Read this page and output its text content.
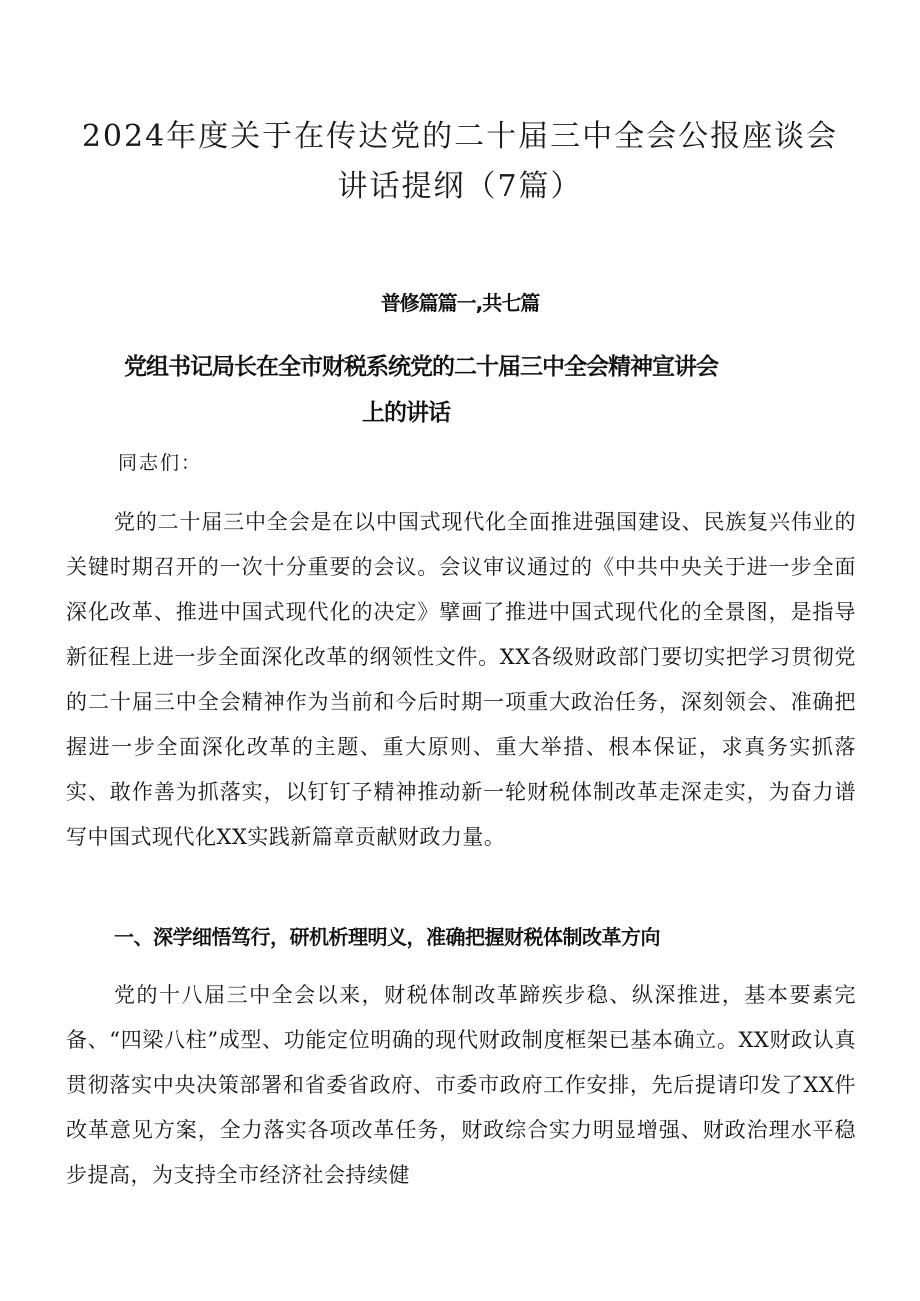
2024年度关于在传达党的二十届三中全会公报座谈会
讲话提纲（7篇）
普修篇篇一,共七篇
党组书记局长在全市财税系统党的二十届三中全会精神宣讲会
上的讲话
同志们：
党的二十届三中全会是在以中国式现代化全面推进强国建设、民族复兴伟业的关键时期召开的一次十分重要的会议。会议审议通过的《中共中央关于进一步全面深化改革、推进中国式现代化的决定》擘画了推进中国式现代化的全景图，是指导新征程上进一步全面深化改革的纲领性文件。XX各级财政部门要切实把学习贯彻党的二十届三中全会精神作为当前和今后时期一项重大政治任务，深刻领会、准确把握进一步全面深化改革的主题、重大原则、重大举措、根本保证，求真务实抓落实、敢作善为抓落实，以钉钉子精神推动新一轮财税体制改革走深走实，为奋力谱写中国式现代化XX实践新篇章贡献财政力量。
一、深学细悟笃行，研机析理明义，准确把握财税体制改革方向
党的十八届三中全会以来，财税体制改革蹄疾步稳、纵深推进，基本要素完备、“四梁八柱”成型、功能定位明确的现代财政制度框架已基本确立。XX财政认真贯彻落实中央决策部署和省委省政府、市委市政府工作安排，先后提请印发了XX件改革意见方案，全力落实各项改革任务，财政综合实力明显增强、财政治理水平稳步提高，为支持全市经济社会持续健
